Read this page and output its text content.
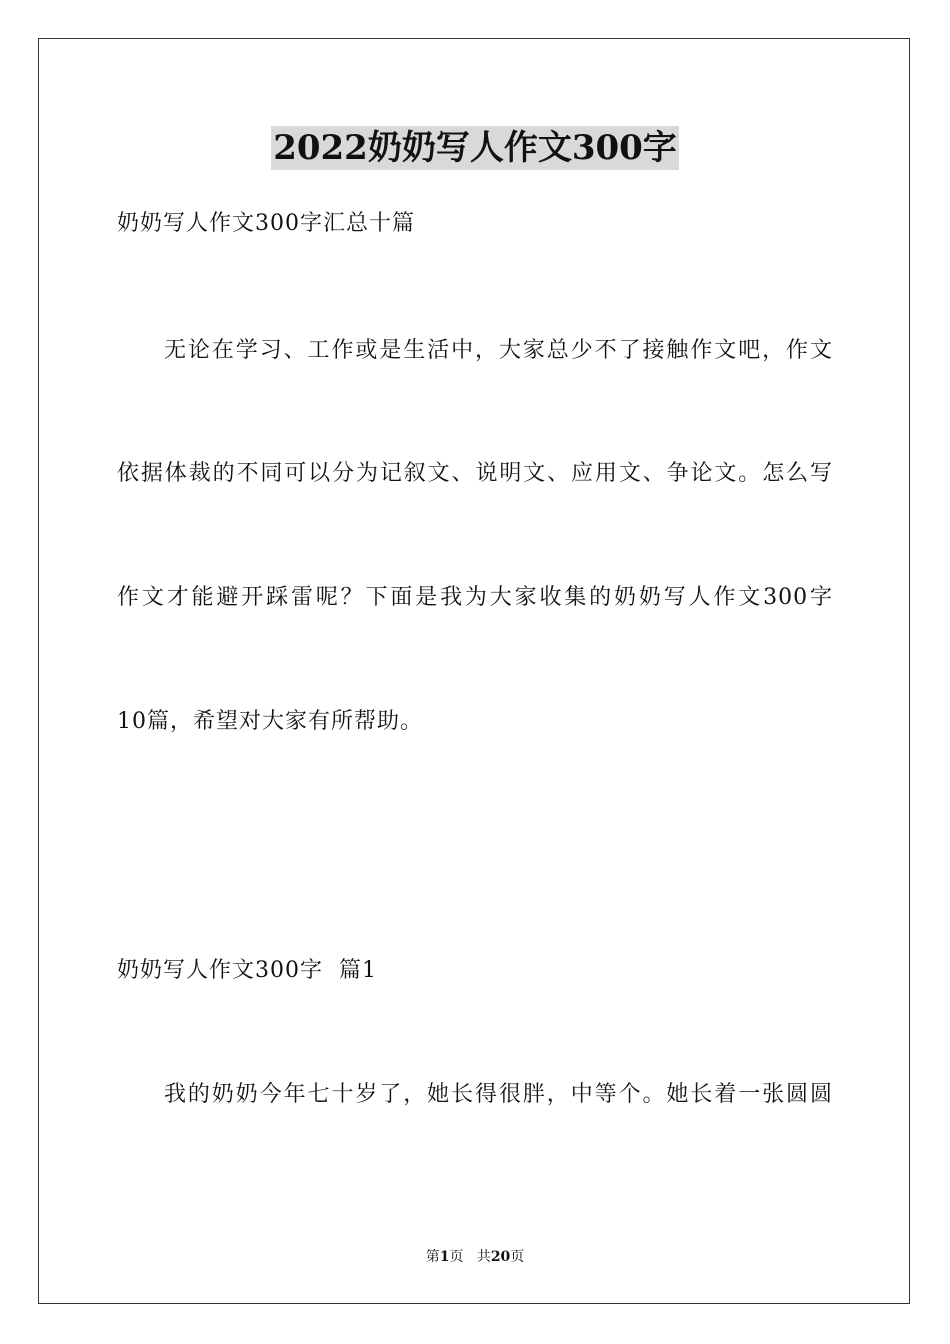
2022奶奶写人作文300字
奶奶写人作文300字汇总十篇
无论在学习、工作或是生活中，大家总少不了接触作文吧，作文
依据体裁的不同可以分为记叙文、说明文、应用文、争论文。怎么写
作文才能避开踩雷呢？下面是我为大家收集的奶奶写人作文300字
10篇，希望对大家有所帮助。
奶奶写人作文300字  篇1
我的奶奶今年七十岁了，她长得很胖，中等个。她长着一张圆圆
第1页 共20页
